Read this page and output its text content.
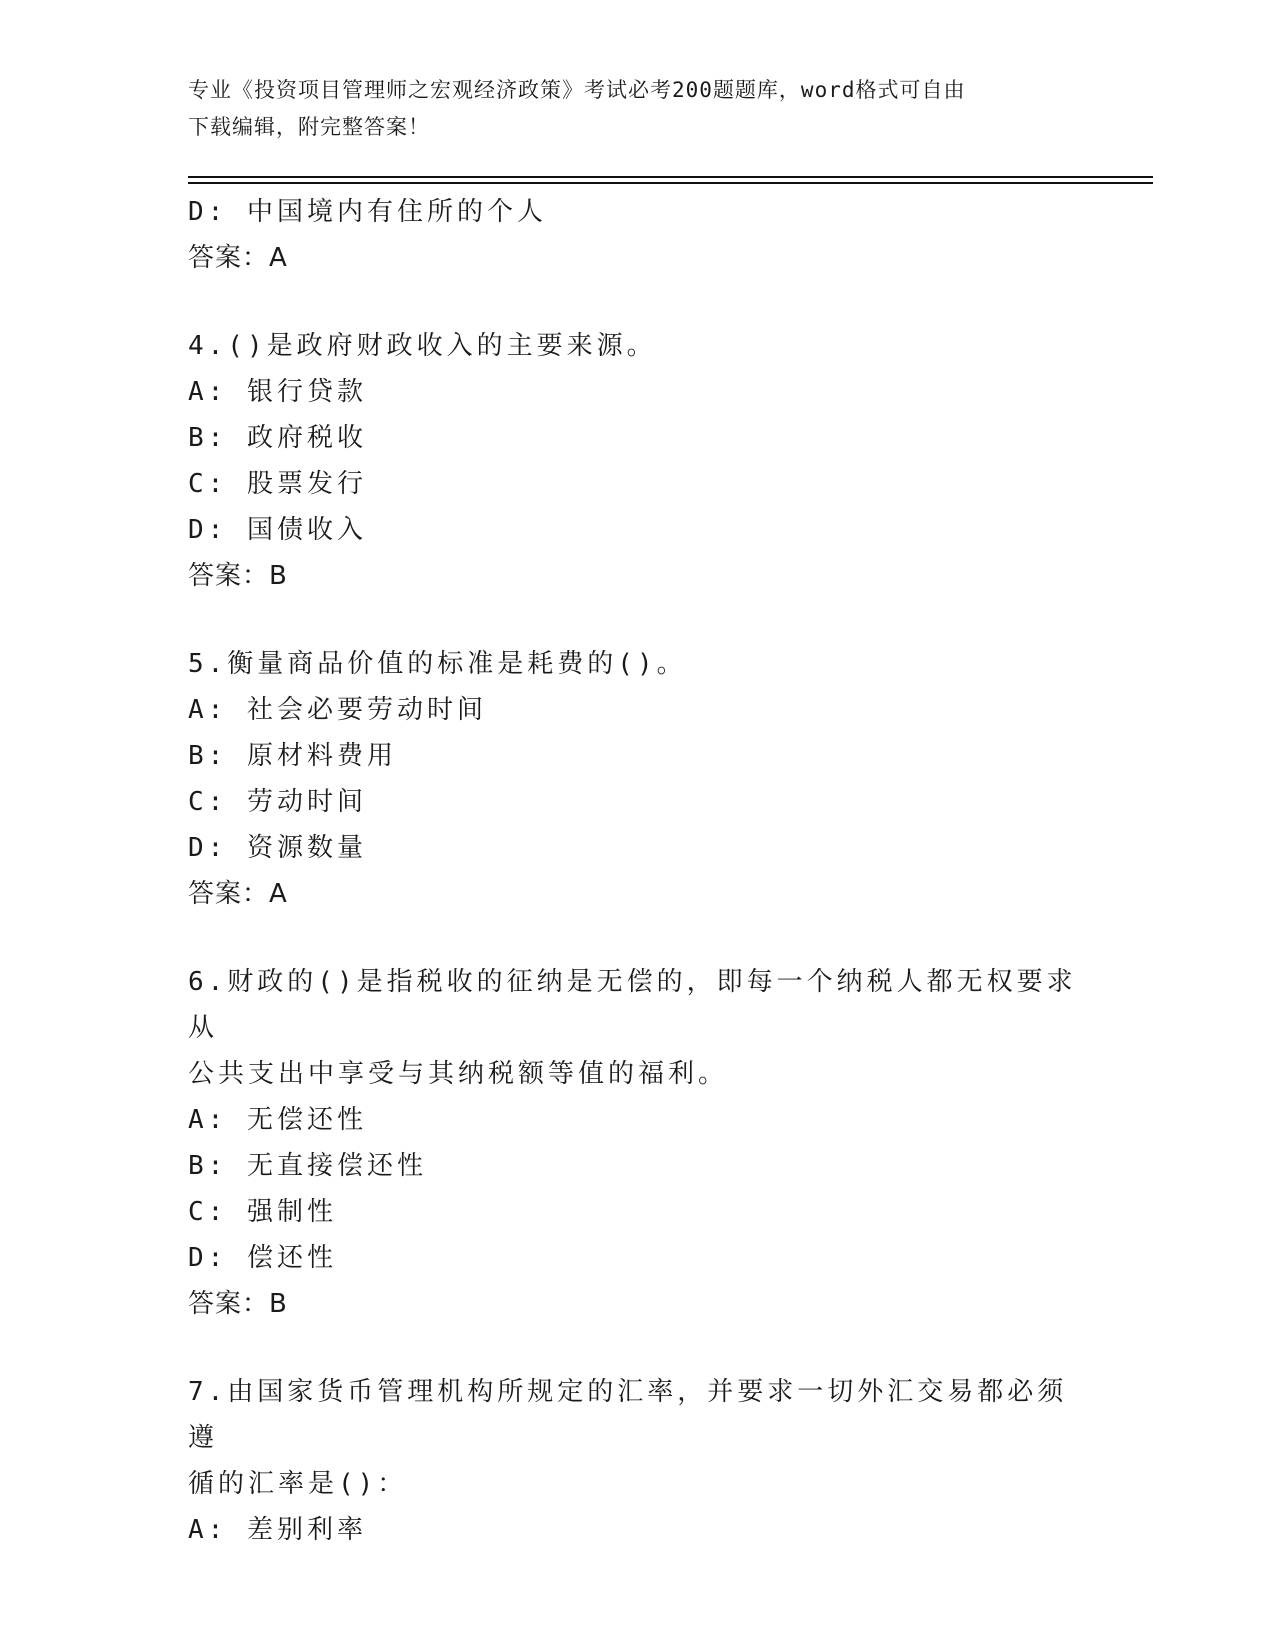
专业《投资项目管理师之宏观经济政策》考试必考200题题库，word格式可自由
下载编辑，附完整答案！
D: 中国境内有住所的个人
答案：A
4.()是政府财政收入的主要来源。
A: 银行贷款
B: 政府税收
C: 股票发行
D: 国债收入
答案：B
5.衡量商品价值的标准是耗费的()。
A: 社会必要劳动时间
B: 原材料费用
C: 劳动时间
D: 资源数量
答案：A
6.财政的()是指税收的征纳是无偿的，即每一个纳税人都无权要求从
公共支出中享受与其纳税额等值的福利。
A: 无偿还性
B: 无直接偿还性
C: 强制性
D: 偿还性
答案：B
7.由国家货币管理机构所规定的汇率，并要求一切外汇交易都必须遵
循的汇率是()：
A: 差别利率
